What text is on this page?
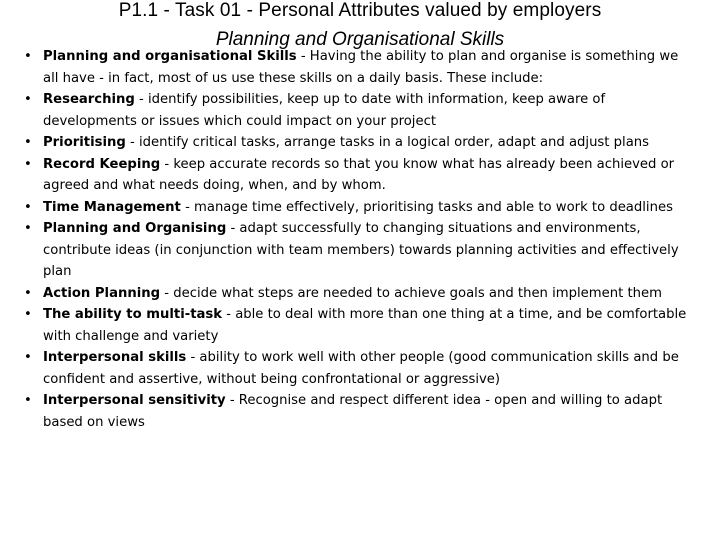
P1.1 - Task 01 - Personal Attributes valued by employers
Planning and Organisational Skills
• Planning and organisational Skills - Having the ability to plan and organise is something we all have - in fact, most of us use these skills on a daily basis. These include:
• Researching - identify possibilities, keep up to date with information, keep aware of developments or issues which could impact on your project
• Prioritising - identify critical tasks, arrange tasks in a logical order, adapt and adjust plans
• Record Keeping - keep accurate records so that you know what has already been achieved or agreed and what needs doing, when, and by whom.
• Time Management - manage time effectively, prioritising tasks and able to work to deadlines
• Planning and Organising - adapt successfully to changing situations and environments, contribute ideas (in conjunction with team members) towards planning activities and effectively plan
• Action Planning - decide what steps are needed to achieve goals and then implement them
• The ability to multi-task - able to deal with more than one thing at a time, and be comfortable with challenge and variety
• Interpersonal skills - ability to work well with other people (good communication skills and be confident and assertive, without being confrontational or aggressive)
• Interpersonal sensitivity - Recognise and respect different idea - open and willing to adapt based on views
